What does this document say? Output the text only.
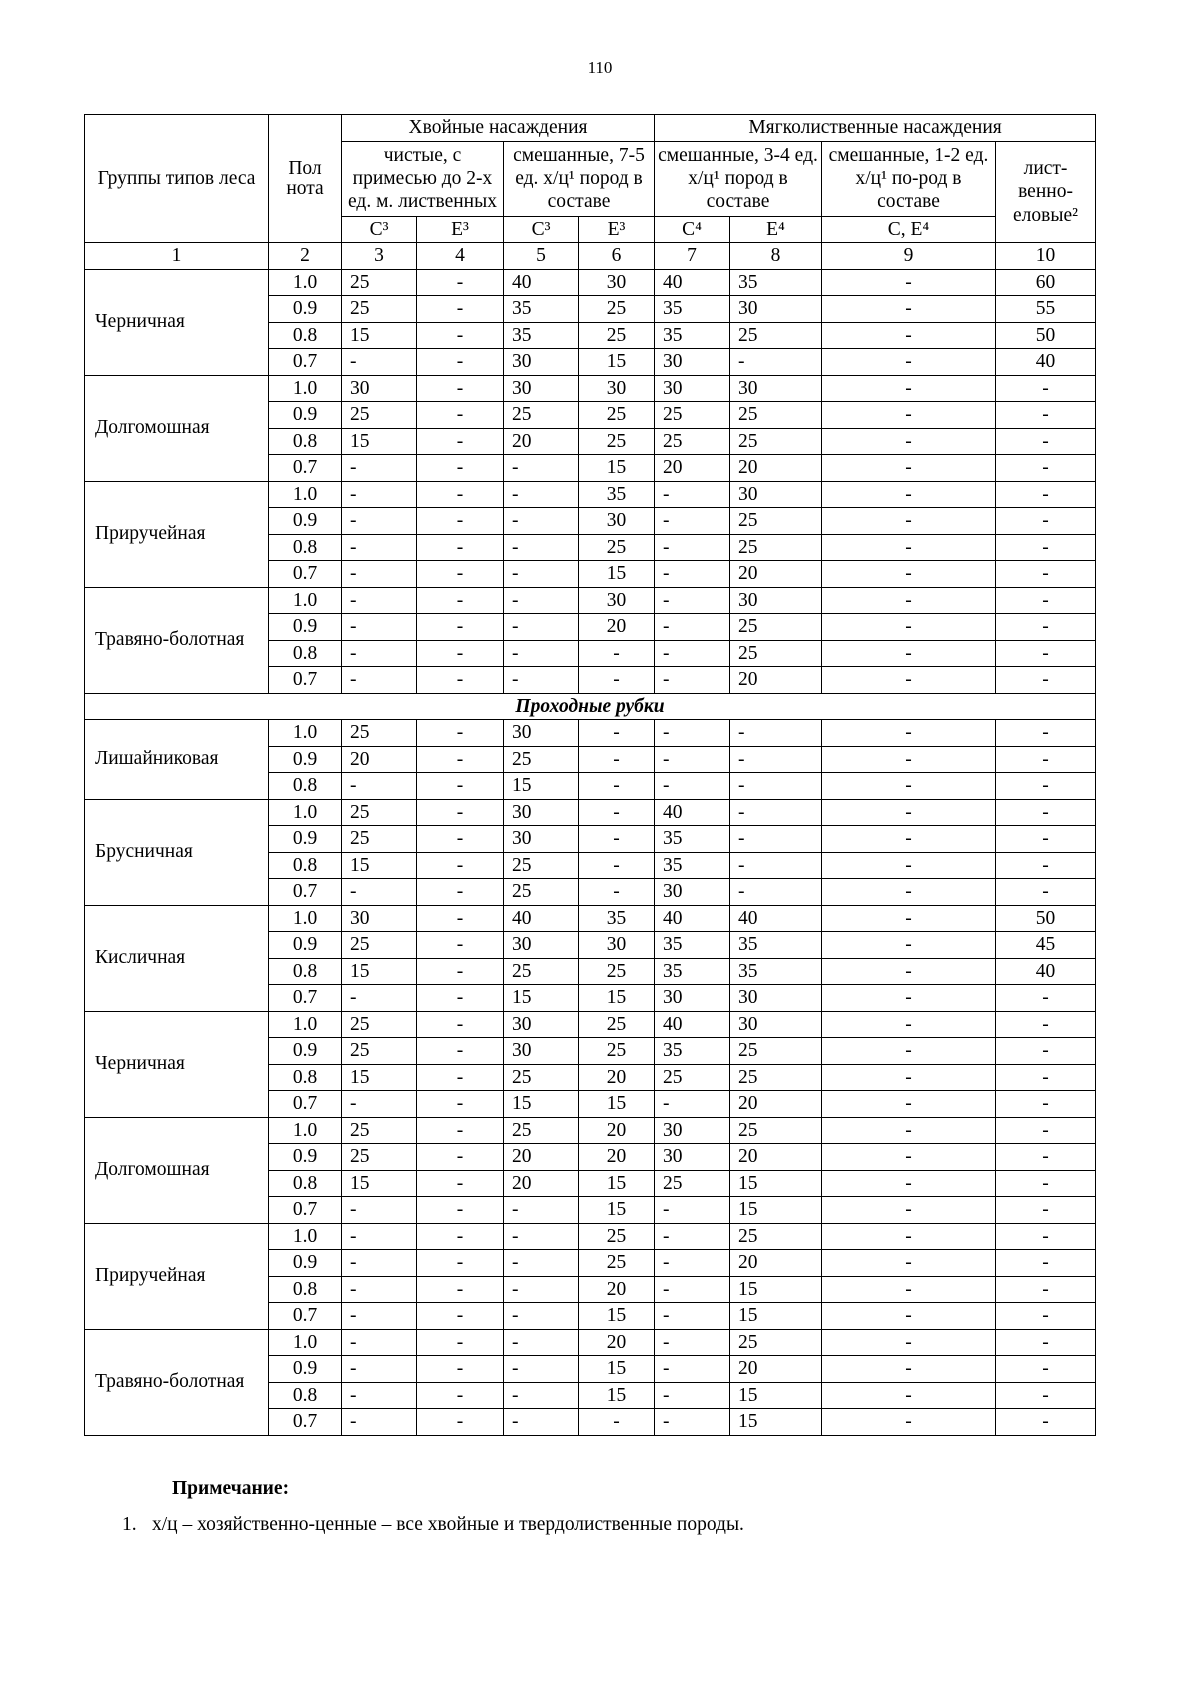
110
Группы типов леса	Пол нота	Хвойные насаждения				Мягколиственные насаждения			
		чистые, с примесью до 2-х ед. м. лиственных		смешанные, 7-5 ед. х/ц¹ пород в составе		смешанные, 3-4 ед. х/ц¹ пород в составе		смешанные, 1-2 ед. х/ц¹ по-род в составе	лист-венно-еловые²
		С³	Е³	С³	Е³	С⁴	Е⁴	С, Е⁴	
1	2	3	4	5	6	7	8	9	10
Черничная	1.0	25	-	40	30	40	35	-	60
	0.9	25	-	35	25	35	30	-	55
	0.8	15	-	35	25	35	25	-	50
	0.7	-	-	30	15	30	-	-	40
Долгомошная	1.0	30	-	30	30	30	30	-	-
	0.9	25	-	25	25	25	25	-	-
	0.8	15	-	20	25	25	25	-	-
	0.7	-	-	-	15	20	20	-	-
Приручейная	1.0	-	-	-	35	-	30	-	-
	0.9	-	-	-	30	-	25	-	-
	0.8	-	-	-	25	-	25	-	-
	0.7	-	-	-	15	-	20	-	-
Травяно-болотная	1.0	-	-	-	30	-	30	-	-
	0.9	-	-	-	20	-	25	-	-
	0.8	-	-	-	-	-	25	-	-
	0.7	-	-	-	-	-	20	-	-
Проходные рубки									
Лишайниковая	1.0	25	-	30	-	-	-	-	-
	0.9	20	-	25	-	-	-	-	-
	0.8	-	-	15	-	-	-	-	-
Брусничная	1.0	25	-	30	-	40	-	-	-
	0.9	25	-	30	-	35	-	-	-
	0.8	15	-	25	-	35	-	-	-
	0.7	-	-	25	-	30	-	-	-
Кисличная	1.0	30	-	40	35	40	40	-	50
	0.9	25	-	30	30	35	35	-	45
	0.8	15	-	25	25	35	35	-	40
	0.7	-	-	15	15	30	30	-	-
Черничная	1.0	25	-	30	25	40	30	-	-
	0.9	25	-	30	25	35	25	-	-
	0.8	15	-	25	20	25	25	-	-
	0.7	-	-	15	15	-	20	-	-
Долгомошная	1.0	25	-	25	20	30	25	-	-
	0.9	25	-	20	20	30	20	-	-
	0.8	15	-	20	15	25	15	-	-
	0.7	-	-	-	15	-	15	-	-
Приручейная	1.0	-	-	-	25	-	25	-	-
	0.9	-	-	-	25	-	20	-	-
	0.8	-	-	-	20	-	15	-	-
	0.7	-	-	-	15	-	15	-	-
Травяно-болотная	1.0	-	-	-	20	-	25	-	-
	0.9	-	-	-	15	-	20	-	-
	0.8	-	-	-	15	-	15	-	-
	0.7	-	-	-	-	-	15	-	-
Примечание:
1. х/ц – хозяйственно-ценные – все хвойные и твердолиственные породы.
